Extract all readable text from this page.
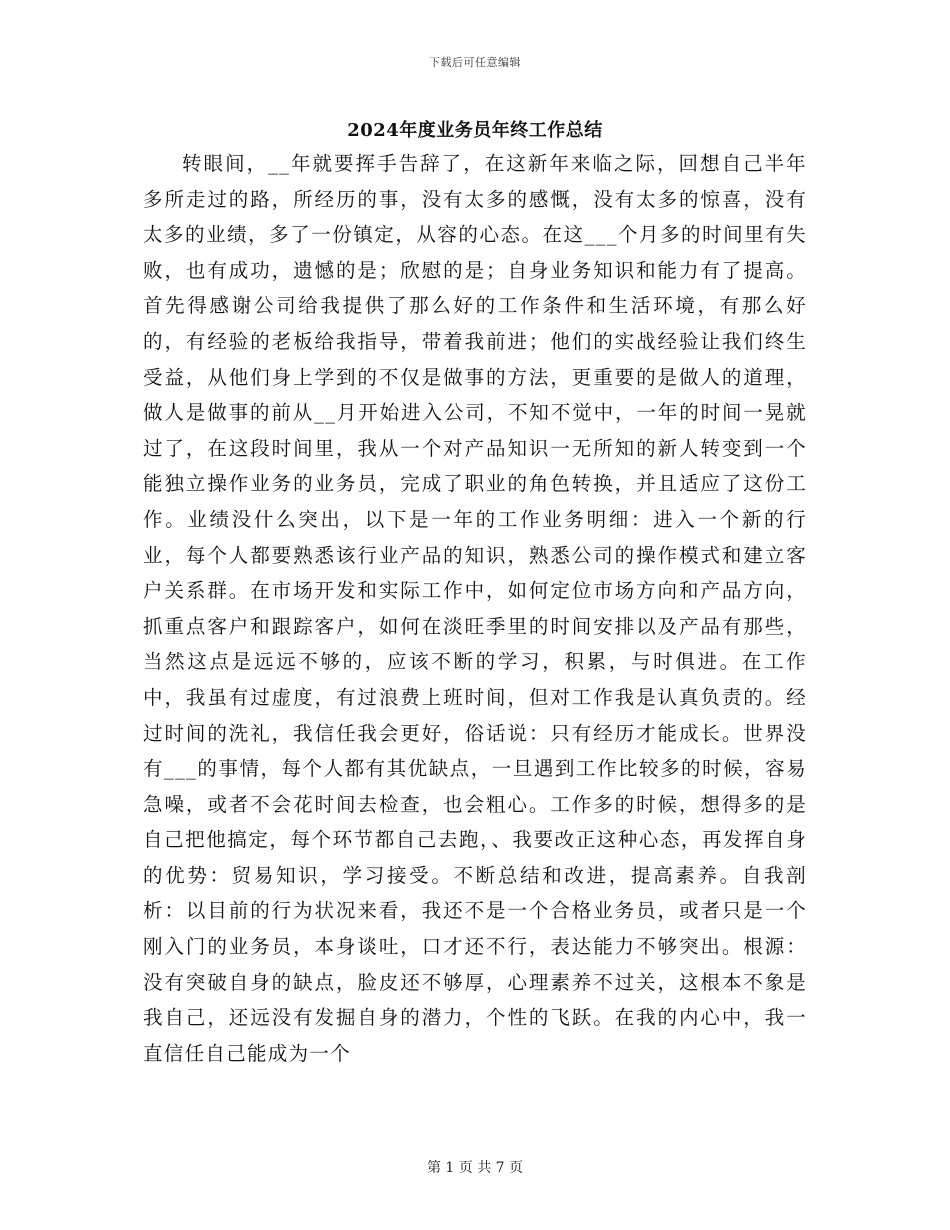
下载后可任意编辑
2024年度业务员年终工作总结

转眼间，__年就要挥手告辞了，在这新年来临之际，回想自己半年多所走过的路，所经历的事，没有太多的感慨，没有太多的惊喜，没有太多的业绩，多了一份镇定，从容的心态。在这___个月多的时间里有失败，也有成功，遗憾的是；欣慰的是；自身业务知识和能力有了提高。首先得感谢公司给我提供了那么好的工作条件和生活环境，有那么好的，有经验的老板给我指导，带着我前进；他们的实战经验让我们终生受益，从他们身上学到的不仅是做事的方法，更重要的是做人的道理，做人是做事的前从__月开始进入公司，不知不觉中，一年的时间一晃就过了，在这段时间里，我从一个对产品知识一无所知的新人转变到一个能独立操作业务的业务员，完成了职业的角色转换，并且适应了这份工作。业绩没什么突出，以下是一年的工作业务明细：进入一个新的行业，每个人都要熟悉该行业产品的知识，熟悉公司的操作模式和建立客户关系群。在市场开发和实际工作中，如何定位市场方向和产品方向，抓重点客户和跟踪客户，如何在淡旺季里的时间安排以及产品有那些，当然这点是远远不够的，应该不断的学习，积累，与时俱进。在工作中，我虽有过虚度，有过浪费上班时间，但对工作我是认真负责的。经过时间的洗礼，我信任我会更好，俗话说：只有经历才能成长。世界没有___的事情，每个人都有其优缺点，一旦遇到工作比较多的时候，容易急噪，或者不会花时间去检查，也会粗心。工作多的时候，想得多的是自己把他搞定，每个环节都自己去跑，、我要改正这种心态，再发挥自身的优势：贸易知识，学习接受。不断总结和改进，提高素养。自我剖析：以目前的行为状况来看，我还不是一个合格业务员，或者只是一个刚入门的业务员，本身谈吐，口才还不行，表达能力不够突出。根源：没有突破自身的缺点，脸皮还不够厚，心理素养不过关，这根本不象是我自己，还远没有发掘自身的潜力，个性的飞跃。在我的内心中，我一直信任自己能成为一个

第 1 页 共 7 页
